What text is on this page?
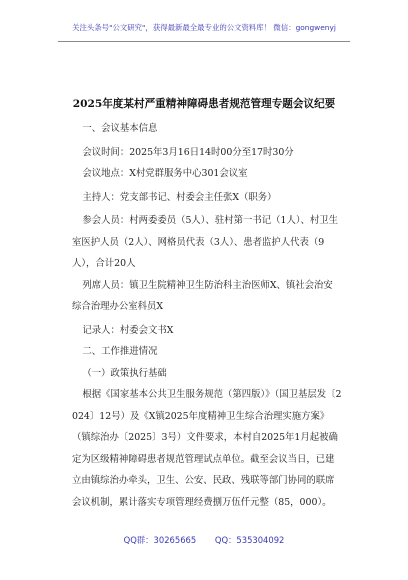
关注头条号"公文研究"，获得最新最全最专业的公文资料库！ 微信：gongwenyj
2025年度某村严重精神障碍患者规范管理专题会议纪要

一、会议基本信息

会议时间：2025年3月16日14时00分至17时30分

会议地点：X村党群服务中心301会议室

主持人：党支部书记、村委会主任张X（职务）

参会人员：村两委委员（5人）、驻村第一书记（1人）、村卫生室医护人员（2人）、网格员代表（3人）、患者监护人代表（9人），合计20人

列席人员：镇卫生院精神卫生防治科主治医师X、镇社会治安综合治理办公室科员X

记录人：村委会文书X

二、工作推进情况

（一）政策执行基础

根据《国家基本公共卫生服务规范（第四版）》（国卫基层发〔2024〕12号）及《X镇2025年度精神卫生综合治理实施方案》（镇综治办〔2025〕3号）文件要求，本村自2025年1月起被确定为区级精神障碍患者规范管理试点单位。截至会议当日，已建立由镇综治办牵头，卫生、公安、民政、残联等部门协同的联席会议机制，累计落实专项管理经费捌万伍仟元整（85，000）。

QQ群：30265665 QQ：535304092
